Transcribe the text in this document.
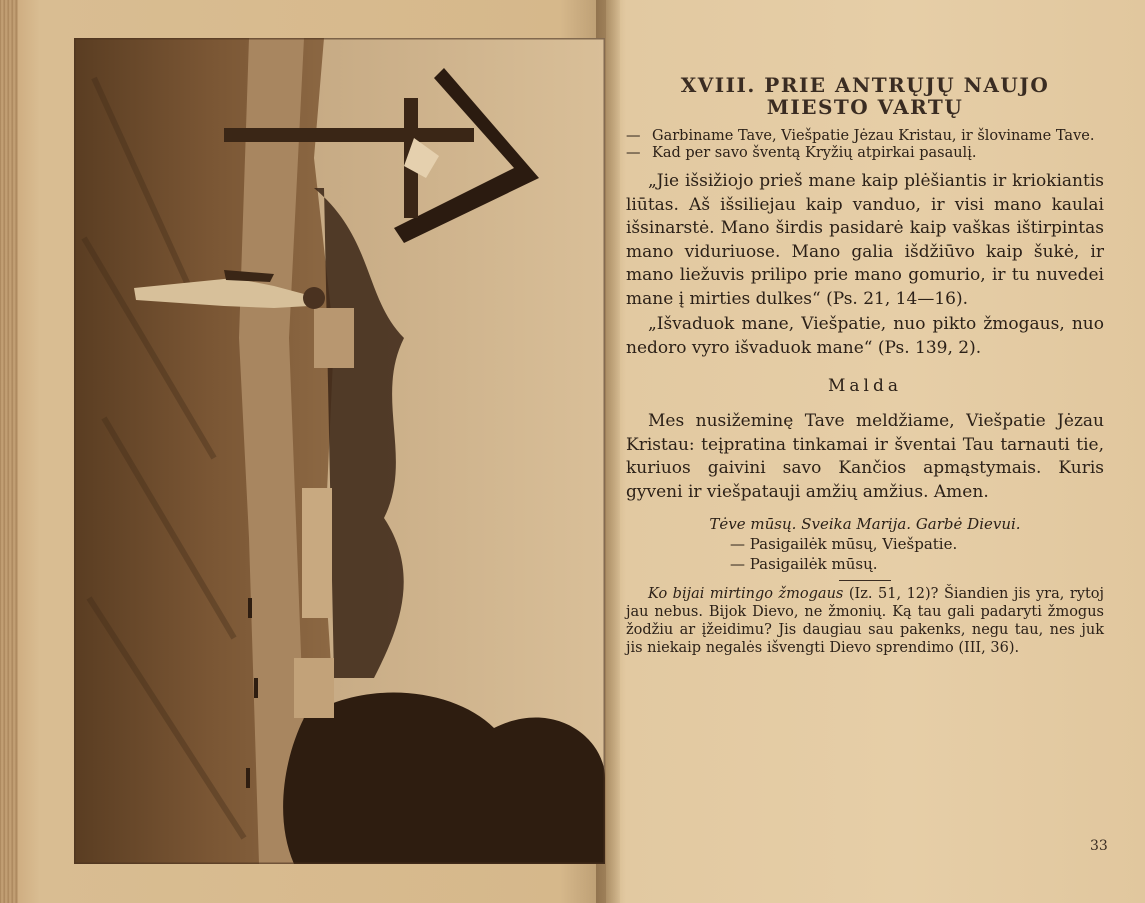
XVIII. PRIE ANTRŲJŲ NAUJO MIESTO VARTŲ
— Garbiname Tave, Viešpatie Jėzau Kristau, ir šloviname Tave.
— Kad per savo šventą Kryžių atpirkai pasaulį.

„Jie išsižiojo prieš mane kaip plėšiantis ir kriokiantis liūtas. Aš išsiliejau kaip vanduo, ir visi mano kaulai išsinarstė. Mano širdis pasidarė kaip vaškas ištirpintas mano viduriuose. Mano galia išdžiūvo kaip šukė, ir mano liežuvis prilipo prie mano gomurio, ir tu nuvedei mane į mirties dulkes“ (Ps. 21, 14—16).

„Išvaduok mane, Viešpatie, nuo pikto žmogaus, nuo nedoro vyro išvaduok mane“ (Ps. 139, 2).

Malda

Mes nusižeminę Tave meldžiame, Viešpatie Jėzau Kristau: teįpratina tinkamai ir šventai Tau tarnauti tie, kuriuos gaivini savo Kančios apmąstymais. Kuris gyveni ir viešpatauji amžių amžius. Amen.

Tėve mūsų. Sveika Marija. Garbė Dievui.
— Pasigailėk mūsų, Viešpatie.
— Pasigailėk mūsų.

Ko bijai mirtingo žmogaus (Iz. 51, 12)? Šiandien jis yra, rytoj jau nebus. Bijok Dievo, ne žmonių. Ką tau gali padaryti žmogus žodžiu ar įžeidimu? Jis daugiau sau pakenks, negu tau, nes juk jis niekaip negalės išvengti Dievo sprendimo (III, 36).

33
